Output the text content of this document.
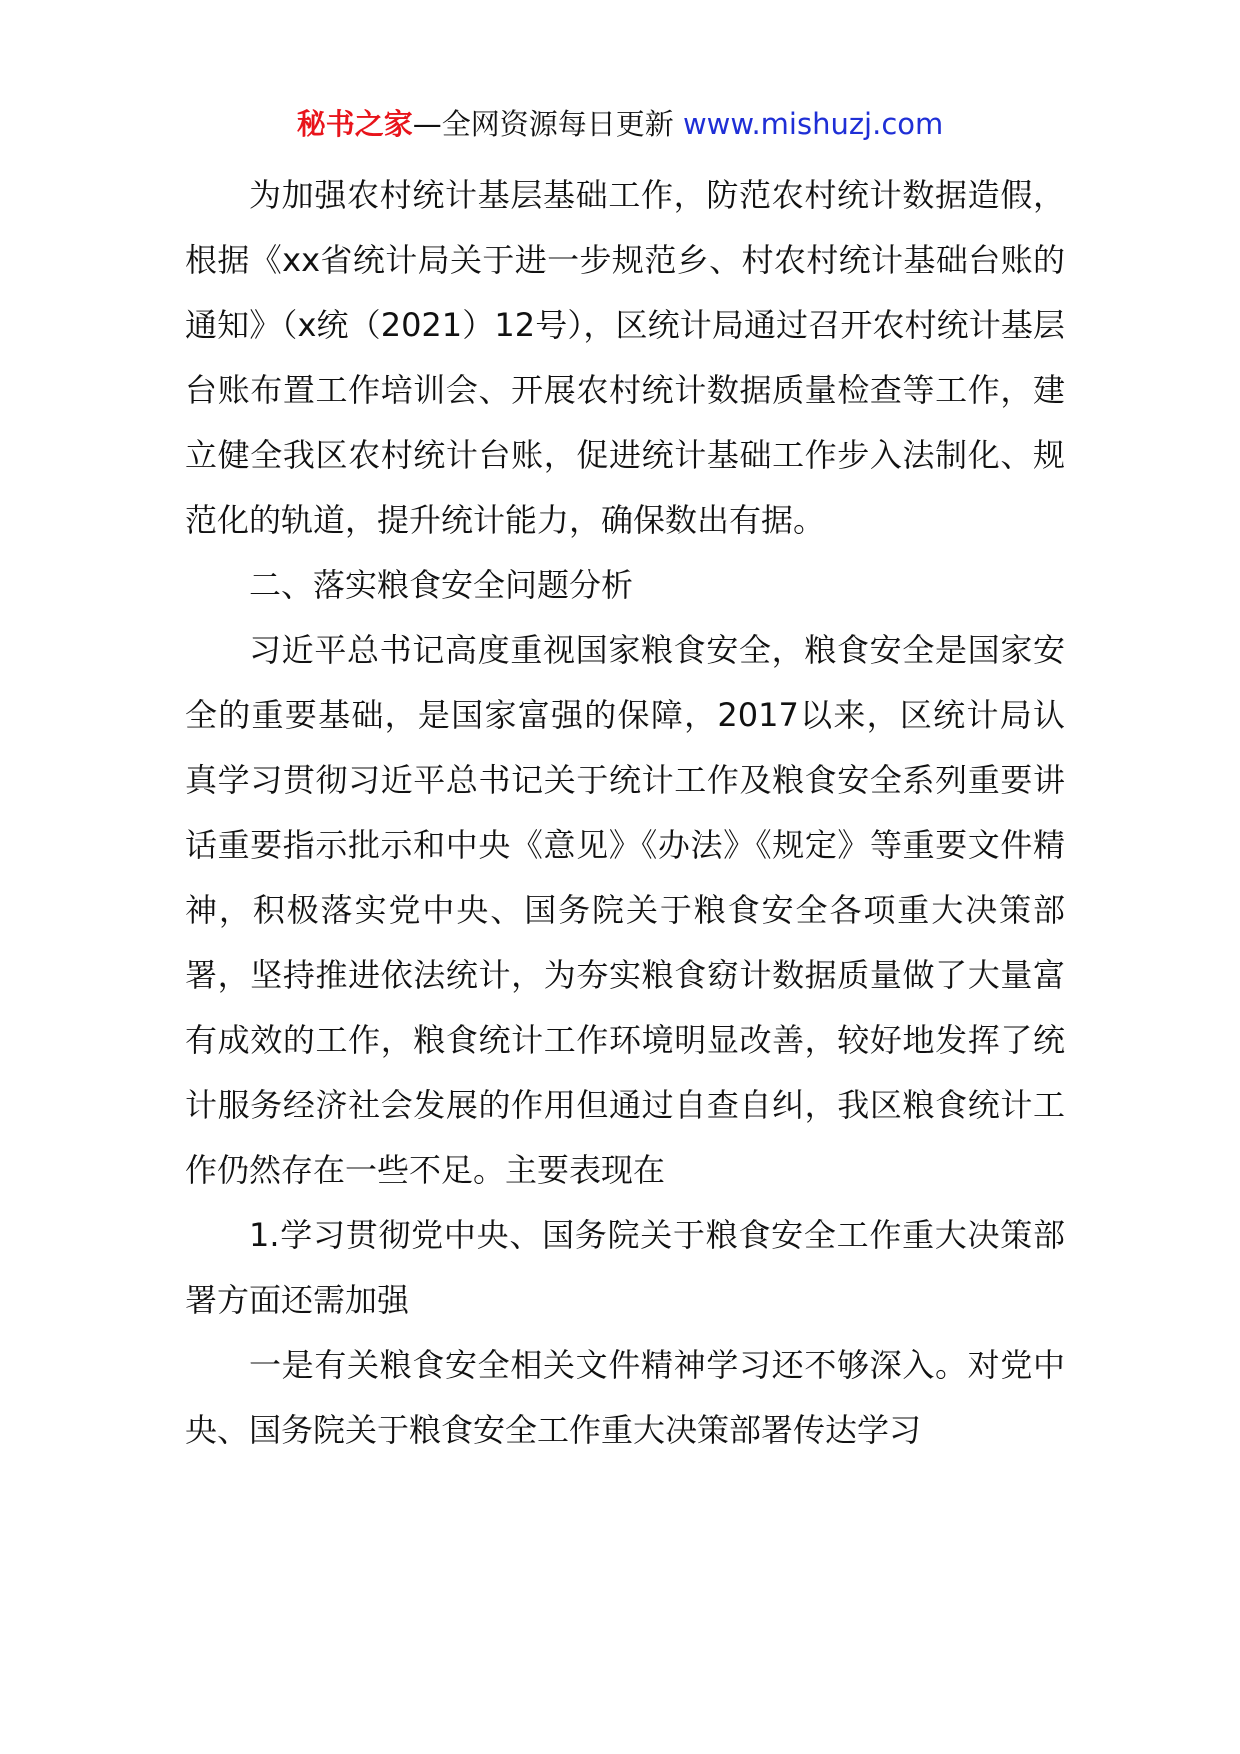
秘书之家—全网资源每日更新 www.mishuzj.com

为加强农村统计基层基础工作，防范农村统计数据造假，根据《xx省统计局关于进一步规范乡、村农村统计基础台账的通知》（x统（2021）12号），区统计局通过召开农村统计基层台账布置工作培训会、开展农村统计数据质量检查等工作，建立健全我区农村统计台账，促进统计基础工作步入法制化、规范化的轨道，提升统计能力，确保数出有据。

二、落实粮食安全问题分析

习近平总书记高度重视国家粮食安全，粮食安全是国家安全的重要基础，是国家富强的保障，2017以来，区统计局认真学习贯彻习近平总书记关于统计工作及粮食安全系列重要讲话重要指示批示和中央《意见》《办法》《规定》等重要文件精神，积极落实党中央、国务院关于粮食安全各项重大决策部署，坚持推进依法统计，为夯实粮食窈计数据质量做了大量富有成效的工作，粮食统计工作环境明显改善，较好地发挥了统计服务经济社会发展的作用但通过自查自纠，我区粮食统计工作仍然存在一些不足。主要表现在

1.学习贯彻党中央、国务院关于粮食安全工作重大决策部署方面还需加强

一是有关粮食安全相关文件精神学习还不够深入。对党中央、国务院关于粮食安全工作重大决策部署传达学习
